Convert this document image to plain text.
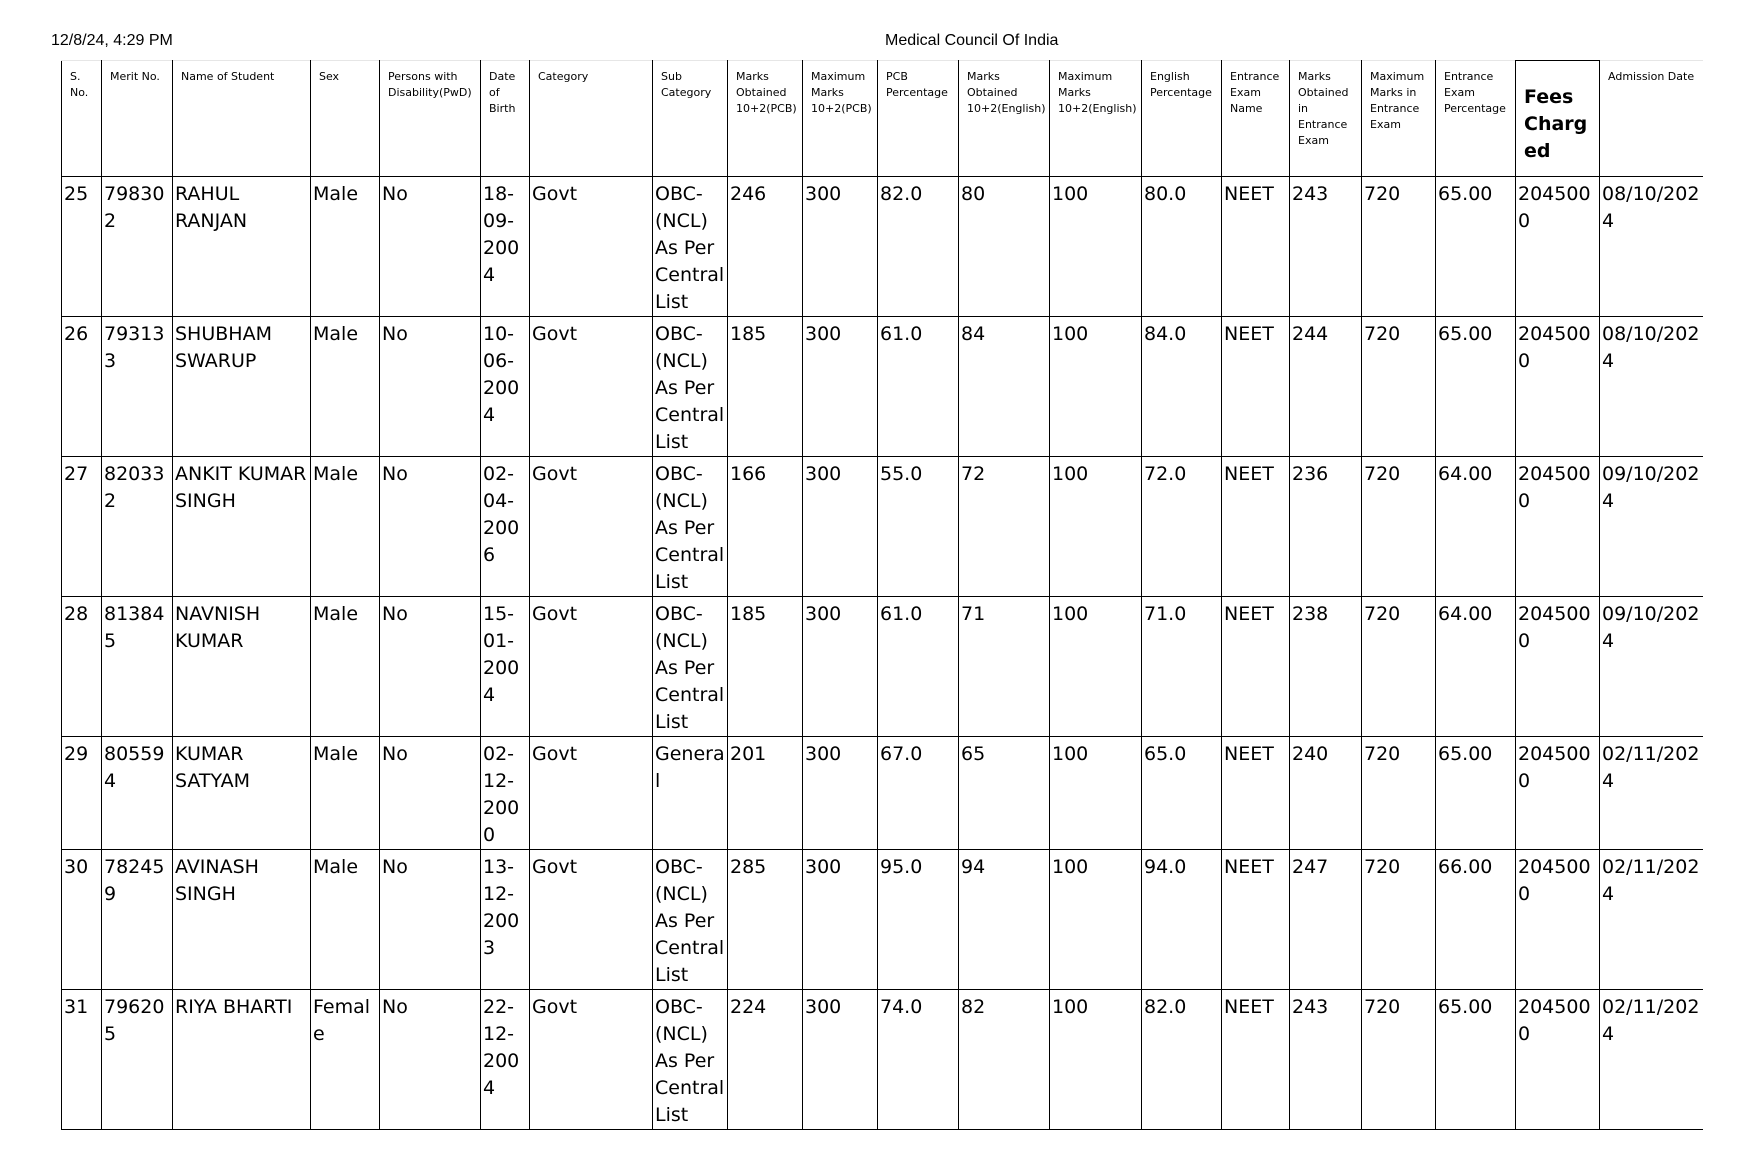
12/8/24, 4:29 PM	Medical Council Of India
S. No.	Merit No.	Name of Student	Sex	Persons with Disability(PwD)	Date of Birth	Category	Sub Category	Marks Obtained 10+2(PCB)	Maximum Marks 10+2(PCB)	PCB Percentage	Marks Obtained 10+2(English)	Maximum Marks 10+2(English)	English Percentage	Entrance Exam Name	Marks Obtained in Entrance Exam	Maximum Marks in Entrance Exam	Entrance Exam Percentage	Fees Charged	Admission Date
25	798302	RAHUL RANJAN	Male	No	18-09-2004	Govt	OBC-(NCL) As Per Central List	246	300	82.0	80	100	80.0	NEET	243	720	65.00	2045000	08/10/2024
26	793133	SHUBHAM SWARUP	Male	No	10-06-2004	Govt	OBC-(NCL) As Per Central List	185	300	61.0	84	100	84.0	NEET	244	720	65.00	2045000	08/10/2024
27	820332	ANKIT KUMAR SINGH	Male	No	02-04-2006	Govt	OBC-(NCL) As Per Central List	166	300	55.0	72	100	72.0	NEET	236	720	64.00	2045000	09/10/2024
28	813845	NAVNISH KUMAR	Male	No	15-01-2004	Govt	OBC-(NCL) As Per Central List	185	300	61.0	71	100	71.0	NEET	238	720	64.00	2045000	09/10/2024
29	805594	KUMAR SATYAM	Male	No	02-12-2000	Govt	General	201	300	67.0	65	100	65.0	NEET	240	720	65.00	2045000	02/11/2024
30	782459	AVINASH SINGH	Male	No	13-12-2003	Govt	OBC-(NCL) As Per Central List	285	300	95.0	94	100	94.0	NEET	247	720	66.00	2045000	02/11/2024
31	796205	RIYA BHARTI	Female	No	22-12-2004	Govt	OBC-(NCL) As Per Central List	224	300	74.0	82	100	82.0	NEET	243	720	65.00	2045000	02/11/2024
